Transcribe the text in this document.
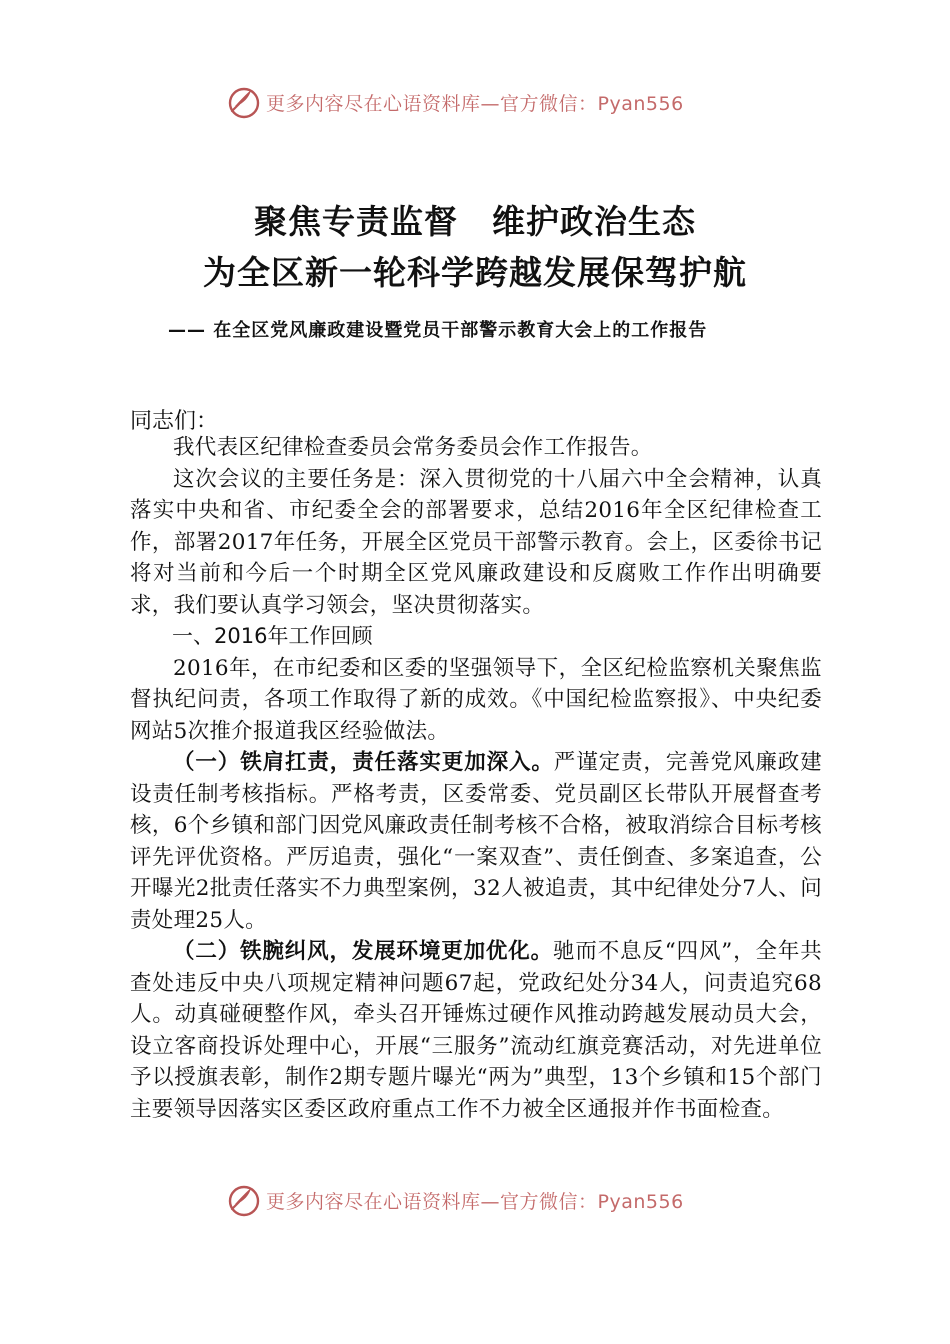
更多内容尽在心语资料库—官方微信：Pyan556
聚焦专责监督　维护政治生态
为全区新一轮科学跨越发展保驾护航
—— 在全区党风廉政建设暨党员干部警示教育大会上的工作报告
同志们：

我代表区纪律检查委员会常务委员会作工作报告。

这次会议的主要任务是：深入贯彻党的十八届六中全会精神，认真落实中央和省、市纪委全会的部署要求，总结2016年全区纪律检查工作，部署2017年任务，开展全区党员干部警示教育。会上，区委徐书记将对当前和今后一个时期全区党风廉政建设和反腐败工作作出明确要求，我们要认真学习领会，坚决贯彻落实。

一、2016年工作回顾

2016年，在市纪委和区委的坚强领导下，全区纪检监察机关聚焦监督执纪问责，各项工作取得了新的成效。《中国纪检监察报》、中央纪委网站5次推介报道我区经验做法。

（一）铁肩扛责，责任落实更加深入。严谨定责，完善党风廉政建设责任制考核指标。严格考责，区委常委、党员副区长带队开展督查考核，6个乡镇和部门因党风廉政责任制考核不合格，被取消综合目标考核评先评优资格。严厉追责，强化“一案双查”、责任倒查、多案追查，公开曝光2批责任落实不力典型案例，32人被追责，其中纪律处分7人、问责处理25人。

（二）铁腕纠风，发展环境更加优化。驰而不息反“四风”，全年共查处违反中央八项规定精神问题67起，党政纪处分34人，问责追究68人。动真碰硬整作风，牵头召开锤炼过硬作风推动跨越发展动员大会，设立客商投诉处理中心，开展“三服务”流动红旗竞赛活动，对先进单位予以授旗表彰，制作2期专题片曝光“两为”典型，13个乡镇和15个部门主要领导因落实区委区政府重点工作不力被全区通报并作书面检查。

更多内容尽在心语资料库—官方微信：Pyan556
